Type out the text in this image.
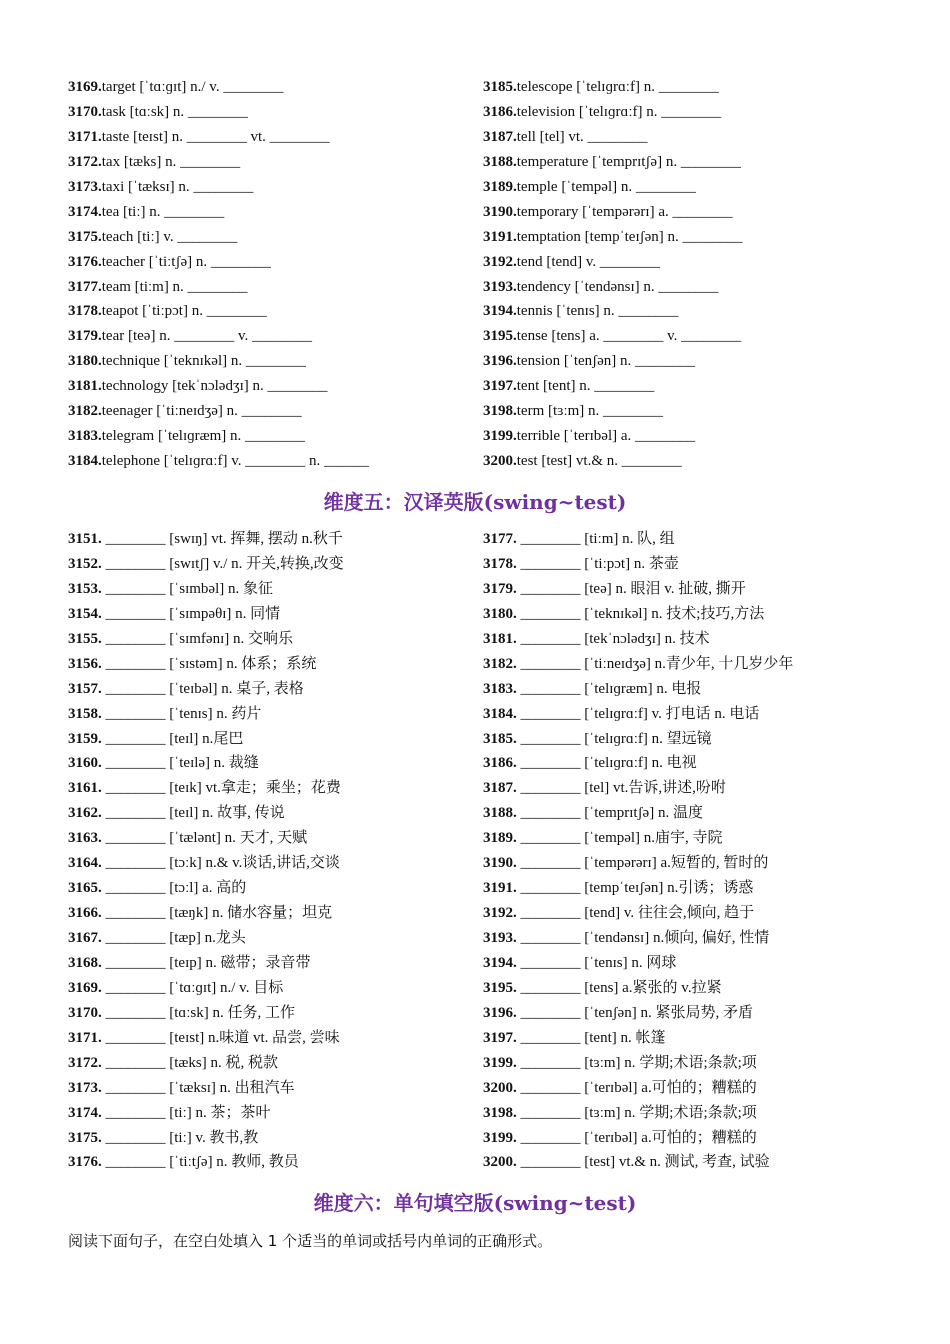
3169.target [ˈtɑːɡɪt] n./ v. ________
3170.task [tɑːsk] n. ________
3171.taste [teɪst] n. ________ vt. ________
3172.tax [tæks] n. ________
3173.taxi [ˈtæksɪ] n. ________
3174.tea [tiː] n. ________
3175.teach [tiː] v. ________
3176.teacher [ˈtiːtʃə] n. ________
3177.team [tiːm] n. ________
3178.teapot [ˈtiːpɔt] n. ________
3179.tear [teə] n. ________ v. ________
3180.technique [ˈteknɪkəl] n. ________
3181.technology [tekˈnɔlədʒɪ] n. ________
3182.teenager [ˈtiːneɪdʒə] n. ________
3183.telegram [ˈtelɪɡræm] n. ________
3184.telephone [ˈtelɪɡrɑːf] v. ________ n. ______
3185.telescope [ˈtelɪɡrɑːf] n. ________
3186.television [ˈtelɪɡrɑːf] n. ________
3187.tell [tel] vt. ________
3188.temperature [ˈtemprɪtʃə] n. ________
3189.temple [ˈtempəl] n. ________
3190.temporary [ˈtempərərɪ] a. ________
3191.temptation [tempˈteɪʃən] n. ________
3192.tend [tend] v. ________
3193.tendency [ˈtendənsɪ] n. ________
3194.tennis [ˈtenɪs] n. ________
3195.tense [tens] a. ________ v. ________
3196.tension [ˈtenʃən] n. ________
3197.tent [tent] n. ________
3198.term [tɜːm] n. ________
3199.terrible [ˈterɪbəl] a. ________
3200.test [test] vt.& n. ________
维度五：汉译英版(swing~test)
3151. ________ [swɪŋ] vt. 挥舞, 摆动 n.秋千
3152. ________ [swɪtʃ] v./ n. 开关,转换,改变
3153. ________ [ˈsɪmbəl] n. 象征
3154. ________ [ˈsɪmpəθɪ] n. 同情
3155. ________ [ˈsɪmfənɪ] n. 交响乐
3156. ________ [ˈsɪstəm] n. 体系；系统
3157. ________ [ˈteɪbəl] n. 桌子, 表格
3158. ________ [ˈtenɪs] n. 药片
3159. ________ [teɪl] n.尾巴
3160. ________ [ˈteɪlə] n. 裁缝
3161. ________ [teɪk] vt.拿走；乘坐；花费
3162. ________ [teɪl] n. 故事, 传说
3163. ________ [ˈtælənt] n. 天才, 天赋
3164. ________ [tɔːk] n.& v.谈话,讲话,交谈
3165. ________ [tɔːl] a. 高的
3166. ________ [tæŋk] n. 储水容量；坦克
3167. ________ [tæp] n.龙头
3168. ________ [teɪp] n. 磁带；录音带
3169. ________ [ˈtɑːɡɪt] n./ v. 目标
3170. ________ [tɑːsk] n. 任务, 工作
3171. ________ [teɪst] n.味道 vt. 品尝, 尝味
3172. ________ [tæks] n. 税, 税款
3173. ________ [ˈtæksɪ] n. 出租汽车
3174. ________ [tiː] n. 茶；茶叶
3175. ________ [tiː] v. 教书,教
3176. ________ [ˈtiːtʃə] n. 教师, 教员
3177. ________ [tiːm] n. 队, 组
3178. ________ [ˈtiːpɔt] n. 茶壶
3179. ________ [teə] n. 眼泪 v. 扯破, 撕开
3180. ________ [ˈteknɪkəl] n. 技术;技巧,方法
3181. ________ [tekˈnɔlədʒɪ] n. 技术
3182. ________ [ˈtiːneɪdʒə] n.青少年, 十几岁少年
3183. ________ [ˈtelɪɡræm] n. 电报
3184. ________ [ˈtelɪɡrɑːf] v. 打电话 n. 电话
3185. ________ [ˈtelɪɡrɑːf] n. 望远镜
3186. ________ [ˈtelɪɡrɑːf] n. 电视
3187. ________ [tel] vt.告诉,讲述,吩咐
3188. ________ [ˈtemprɪtʃə] n. 温度
3189. ________ [ˈtempəl] n.庙宇, 寺院
3190. ________ [ˈtempərərɪ] a.短暂的, 暂时的
3191. ________ [tempˈteɪʃən] n.引诱；诱惑
3192. ________ [tend] v. 往往会,倾向, 趋于
3193. ________ [ˈtendənsɪ] n.倾向, 偏好, 性情
3194. ________ [ˈtenɪs] n. 网球
3195. ________ [tens] a.紧张的 v.拉紧
3196. ________ [ˈtenʃən] n. 紧张局势, 矛盾
3197. ________ [tent] n. 帐篷
3199. ________ [tɜːm] n. 学期;术语;条款;项
3200. ________ [ˈterɪbəl] a.可怕的；糟糕的
3198. ________ [tɜːm] n. 学期;术语;条款;项
3199. ________ [ˈterɪbəl] a.可怕的；糟糕的
3200. ________ [test] vt.& n. 测试, 考查, 试验
维度六：单句填空版(swing~test)
阅读下面句子，在空白处填入 1 个适当的单词或括号内单词的正确形式。
